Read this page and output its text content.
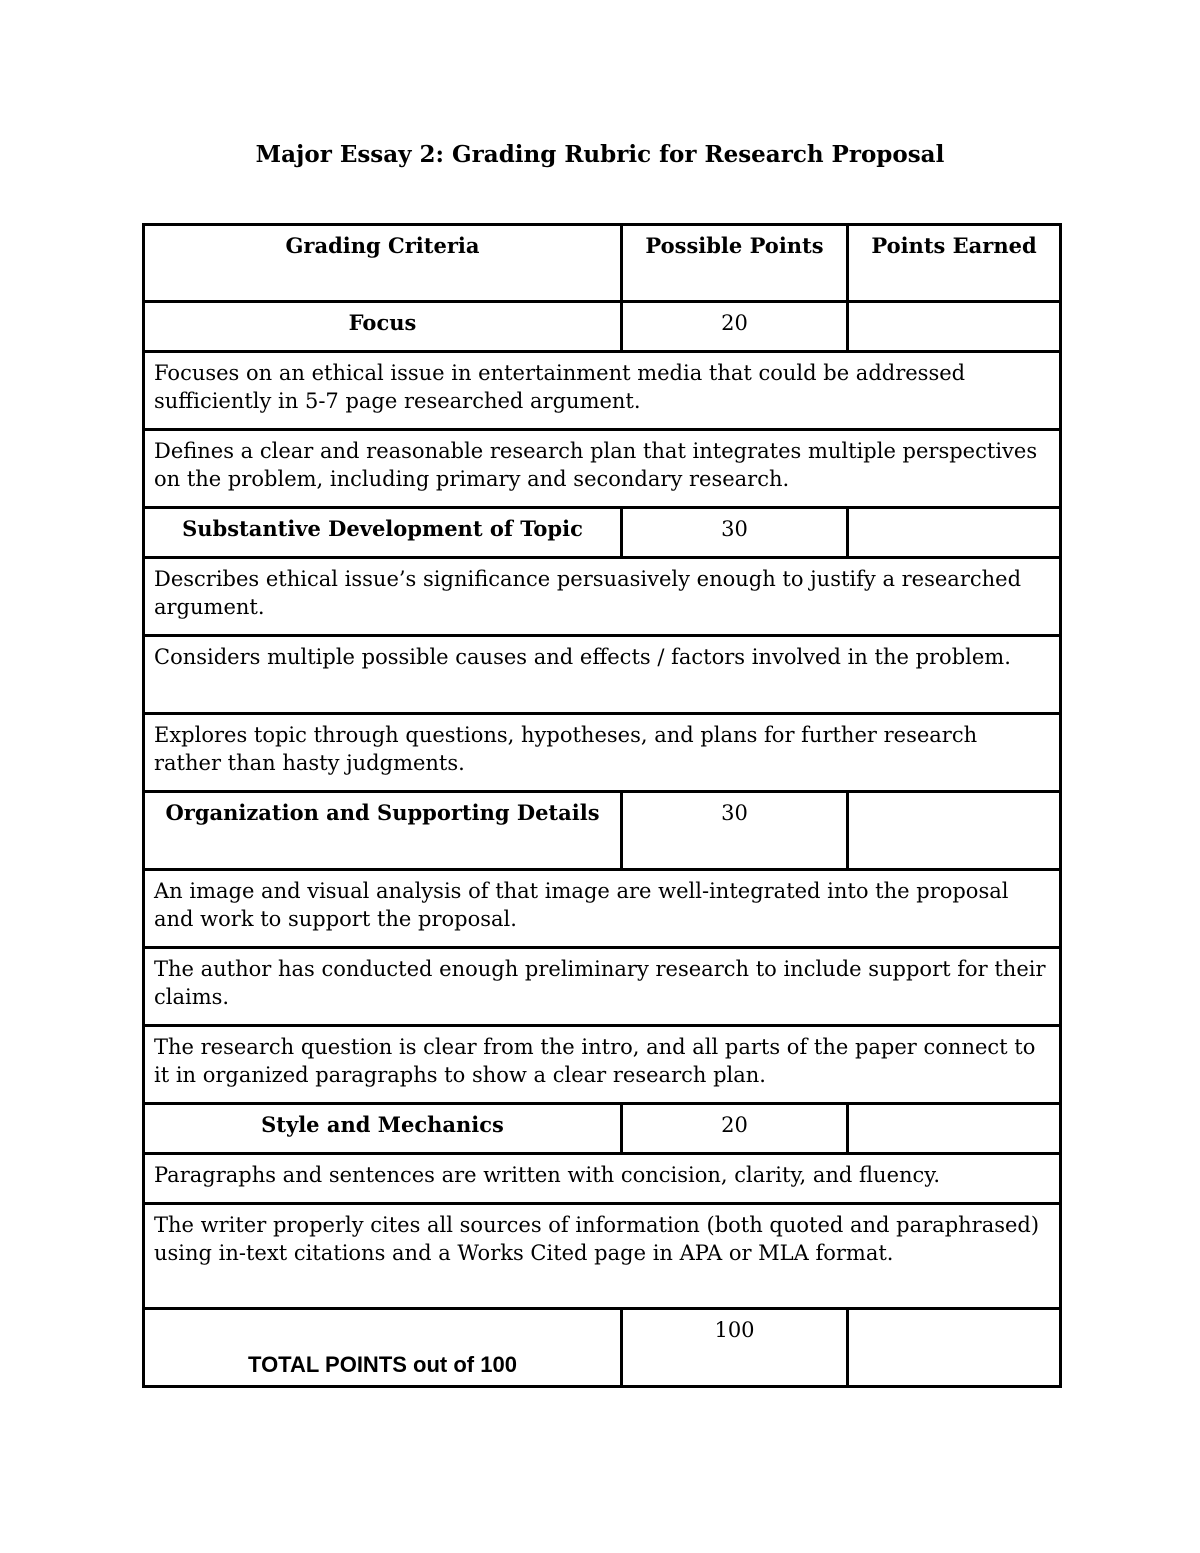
Major Essay 2: Grading Rubric for Research Proposal
Grading Criteria	Possible Points	Points Earned
Focus	20	
Focuses on an ethical issue in entertainment media that could be addressed sufficiently in 5-7 page researched argument.		
Defines a clear and reasonable research plan that integrates multiple perspectives on the problem, including primary and secondary research.		
Substantive Development of Topic	30	
Describes ethical issue’s significance persuasively enough to justify a researched argument.		
Considers multiple possible causes and effects / factors involved in the problem.		
Explores topic through questions, hypotheses, and plans for further research rather than hasty judgments.		
Organization and Supporting Details	30	
An image and visual analysis of that image are well-integrated into the proposal and work to support the proposal.		
The author has conducted enough preliminary research to include support for their claims.		
The research question is clear from the intro, and all parts of the paper connect to it in organized paragraphs to show a clear research plan.		
Style and Mechanics	20	
Paragraphs and sentences are written with concision, clarity, and fluency.		
The writer properly cites all sources of information (both quoted and paraphrased) using in-text citations and a Works Cited page in APA or MLA format.		
TOTAL POINTS out of 100	100	
